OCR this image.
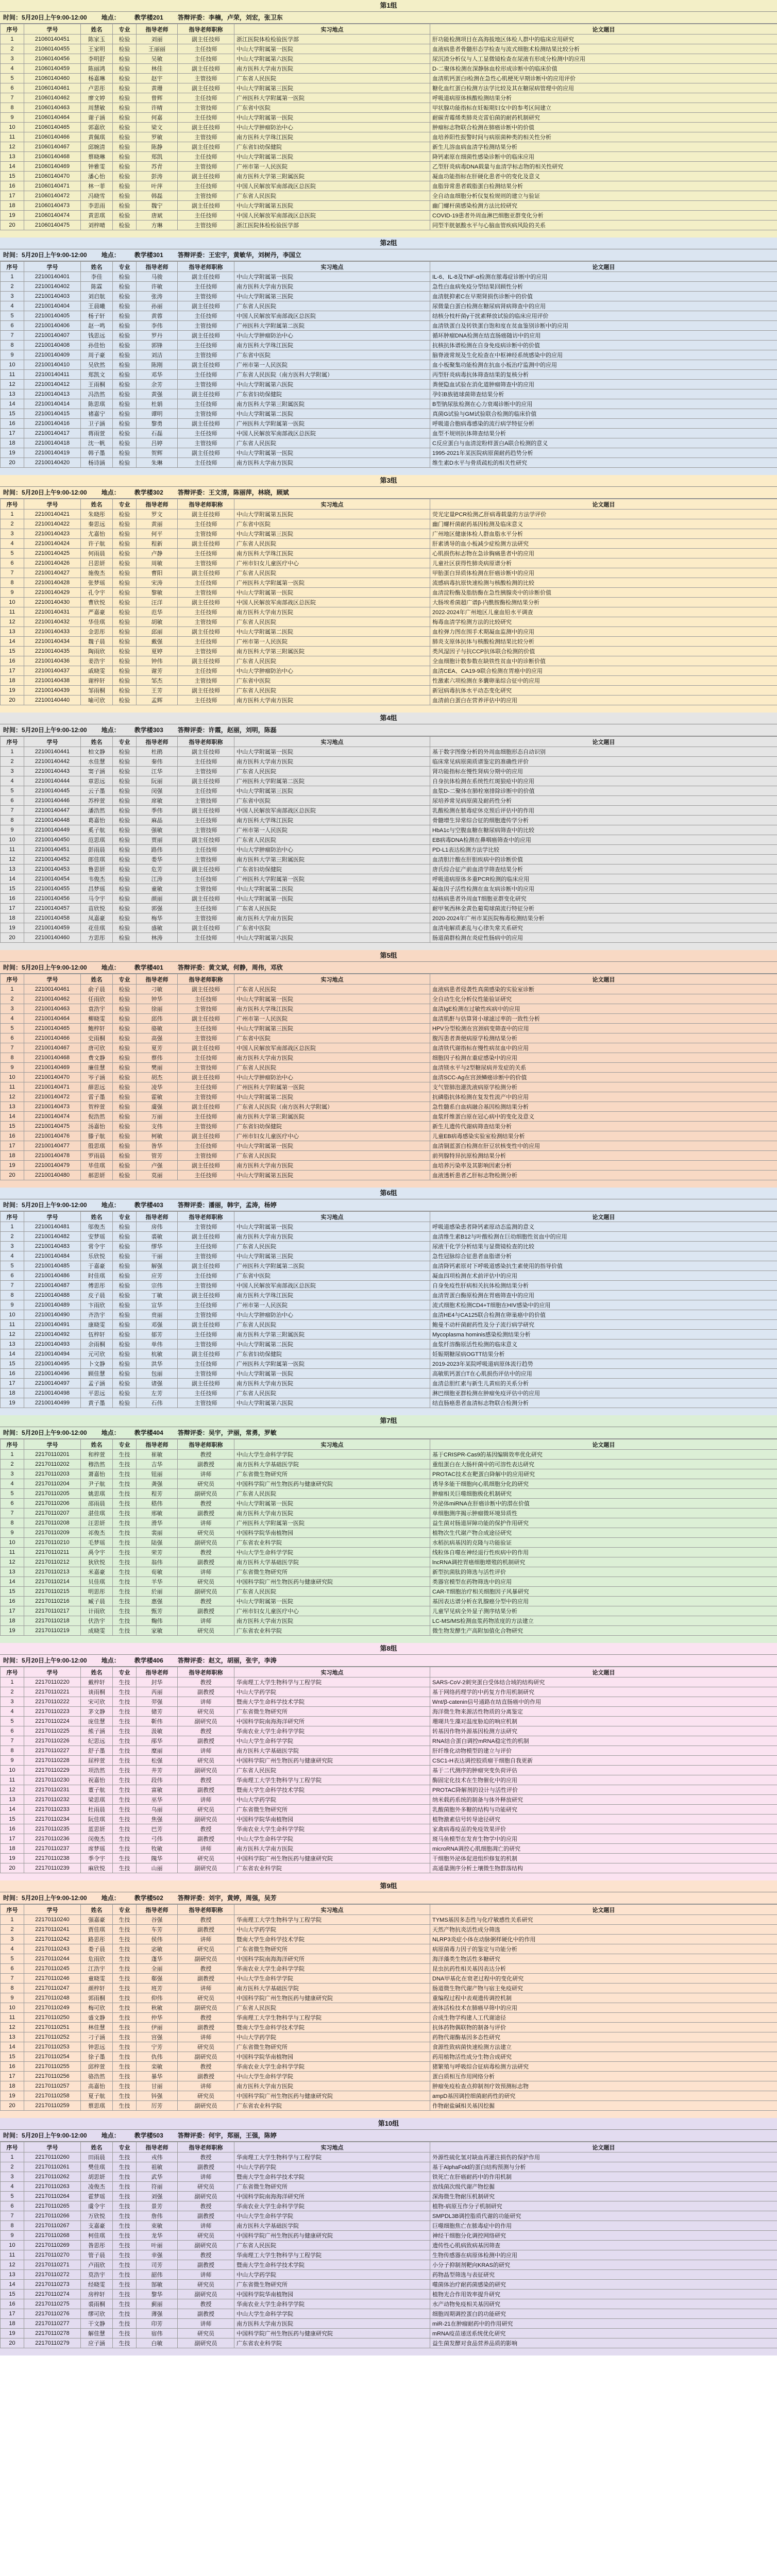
第1组
时间：5月20日上午9:00-12:00 地点： 教学楼201 答辩评委：李楠，卢荣，刘宏，张卫东
序号	学号	姓名	专业	指导老师	指导老师职称	实习地点	论文题目
1	21060140451	陈家玉	检验	刘丽	副主任技师	浙江医院体检检验医学部	肝功能检测项目在高海拔地区体检人群中的临床应用研究
2	21060140455	王家明	检验	王丽丽	主任技师	中山大学附属第一医院	血液病患者骨髓形态学检查与流式细胞术检测结果比较分析
3	21060140456	李明舒	检验	吴敏	主任技师	中山大学附属第六医院	尿沉渣分析仪与人工显微镜检查在尿液有形成分检测中的应用
4	21060140459	陈丽鸿	检验	林佳	副主任技师	南方医科大学南方医院	D-二聚体检测在深静脉血栓形成诊断中的临床价值
5	21060140460	杨嘉琳	检验	赵宇	主管技师	广东省人民医院	血清肌钙蛋白I检测在急性心肌梗死早期诊断中的应用评价
6	21060140461	卢思彤	检验	黄珊	副主任技师	中山大学附属第三医院	糖化血红蛋白检测方法学比较及其在糖尿病管理中的应用
7	21060140462	廖文婷	检验	曾辉	主任技师	广州医科大学附属第一医院	呼吸道病原体核酸检测结果分析
8	21060140463	周慧敏	检验	许晴	主管技师	广东省中医院	甲状腺功能指标在妊娠期妇女中的参考区间建立
9	21060140464	谢子涵	检验	何嘉	主任技师	中山大学附属第一医院	耐碳青霉烯类肺炎克雷伯菌的耐药机制研究
10	21060140465	郭嘉欣	检验	梁文	副主任技师	中山大学肿瘤防治中心	肿瘤标志物联合检测在肺癌诊断中的价值
11	21060140466	黄佩琪	检验	罗敏	主管技师	南方医科大学珠江医院	血培养阳性报警时间与病原菌种类的相关性分析
12	21060140467	邱婉清	检验	陈静	副主任技师	广东省妇幼保健院	新生儿溶血病血清学检测结果分析
13	21060140468	蔡晓琳	检验	郑凯	主任技师	中山大学附属第二医院	降钙素原在细菌性感染诊断中的临床应用
14	21060140469	钟雅雯	检验	苏青	主管技师	广州市第一人民医院	乙型肝炎病毒DNA载量与血清学标志物的相关性研究
15	21060140470	潘心怡	检验	彭涛	副主任技师	南方医科大学第三附属医院	凝血功能指标在肝硬化患者中的变化及意义
16	21060140471	林一菲	检验	叶萍	主任技师	中国人民解放军南部战区总医院	血脂异常患者载脂蛋白检测结果分析
17	21060140472	冯晓雪	检验	韩磊	主管技师	广东省人民医院	全自动血细胞分析仪复检规则的建立与验证
18	21060140473	李思雨	检验	魏宁	副主任技师	中山大学附属第五医院	幽门螺杆菌感染检测方法比较研究
19	21060140474	黄思琪	检验	唐斌	主任技师	中国人民解放军南部战区总医院	COVID-19患者外周血淋巴细胞亚群变化分析
20	21060140475	刘梓晴	检验	方琳	主管技师	浙江医院体检检验医学部	同型半胱氨酸水平与心脑血管疾病风险的关系
第2组
时间：5月20日上午9:00-12:00 地点： 教学楼301 答辩评委：王宏宇，黄敏华，刘树丹，李国立
序号	学号	姓名	专业	指导老师	指导老师职称	实习地点	论文题目
1	22100140401	李佳	检验	马骏	副主任技师	中山大学附属第一医院	IL-6、IL-8及TNF-α检测在脓毒症诊断中的应用
2	22100140402	陈霖	检验	许敏	主任技师	南方医科大学南方医院	急性白血病免疫分型结果回顾性分析
3	22100140403	刘启航	检验	张涛	主管技师	中山大学附属第三医院	血清胱抑素C在早期肾损伤诊断中的价值
4	22100140404	王晨曦	检验	孙丽	副主任技师	广东省人民医院	尿微量白蛋白检测在糖尿病肾病筛查中的应用
5	22100140405	杨子轩	检验	黄蓉	主任技师	中国人民解放军南部战区总医院	结核分枝杆菌γ干扰素释放试验的临床应用评价
6	22100140406	赵一鸣	检验	李伟	主管技师	广州医科大学附属第二医院	血清铁蛋白及转铁蛋白饱和度在贫血鉴别诊断中的应用
7	22100140407	钱思远	检验	罗丹	副主任技师	中山大学肿瘤防治中心	循环肿瘤DNA检测在结直肠癌随访中的应用
8	22100140408	孙佳怡	检验	郭锋	主任技师	南方医科大学珠江医院	抗核抗体谱检测在自身免疫病诊断中的价值
9	22100140409	周子豪	检验	刘洁	主管技师	广东省中医院	脑脊液常规及生化检查在中枢神经系统感染中的应用
10	22100140410	吴欣然	检验	陈刚	副主任技师	广州市第一人民医院	血小板聚集功能检测在抗血小板治疗监测中的应用
11	22100140411	郑凯文	检验	邓华	主任技师	广东省人民医院（南方医科大学附属）	丙型肝炎病毒抗体筛查结果的复核分析
12	22100140412	王雨桐	检验	余芳	主管技师	中山大学附属第六医院	粪便隐血试验在消化道肿瘤筛查中的应用
13	22100140413	冯浩然	检验	黄强	副主任技师	广东省妇幼保健院	孕妇B族链球菌筛查结果分析
14	22100140414	陈思琪	检验	杜娟	主任技师	南方医科大学第三附属医院	B型钠尿肽检测在心力衰竭诊断中的应用
15	22100140415	褚嘉宁	检验	谭明	主管技师	中山大学附属第二医院	真菌G试验与GM试验联合检测的临床价值
16	22100140416	卫子涵	检验	黎勇	副主任技师	广州医科大学附属第一医院	呼吸道合胞病毒感染的流行病学特征分析
17	22100140417	蒋雨萱	检验	石磊	主任技师	中国人民解放军南部战区总医院	血型不规则抗体筛查结果分析
18	22100140418	沈一帆	检验	吕婷	主管技师	广东省人民医院	C反应蛋白与血清淀粉样蛋白A联合检测的意义
19	22100140419	韩子墨	检验	贺辉	副主任技师	中山大学附属第一医院	1995-2021年某医院病原菌耐药趋势分析
20	22100140420	杨诗涵	检验	朱琳	主任技师	南方医科大学南方医院	维生素D水平与骨质疏松的相关性研究
第3组
时间：5月20日上午9:00-12:00 地点： 教学楼302 答辩评委：王文清，陈丽萍，林晓，顾斌
序号	学号	姓名	专业	指导老师	指导老师职称	实习地点	论文题目
1	22100140421	朱晓彤	检验	罗文	副主任技师	中山大学附属第五医院	荧光定量PCR检测乙肝病毒载量的方法学评价
2	22100140422	秦思远	检验	黄丽	主任技师	广东省中医院	幽门螺杆菌耐药基因检测及临床意义
3	22100140423	尤嘉怡	检验	何平	主管技师	中山大学附属第三医院	广州地区健康体检人群血脂水平分析
4	22100140424	许子航	检验	程新	副主任技师	广东省人民医院	肝素诱导的血小板减少症检测方法研究
5	22100140425	何雨晨	检验	卢静	主任技师	南方医科大学珠江医院	心肌损伤标志物在急诊胸痛患者中的应用
6	22100140426	吕思妍	检验	周敏	主管技师	广州市妇女儿童医疗中心	儿童社区获得性肺炎病原谱分析
7	22100140427	施俊杰	检验	曹阳	副主任技师	广东省人民医院	甲胎蛋白异质体检测在肝癌诊断中的应用
8	22100140428	张梦瑶	检验	宋涛	主任技师	广州医科大学附属第一医院	流感病毒抗原快速检测与核酸检测的比较
9	22100140429	孔令宇	检验	黎敏	主管技师	中山大学附属第一医院	血清淀粉酶及脂肪酶在急性胰腺炎中的诊断价值
10	22100140430	曹欣悦	检验	汪洋	副主任技师	中国人民解放军南部战区总医院	大肠埃希菌超广谱β-内酰胺酶检测结果分析
11	22100140431	严嘉豪	检验	范华	主任技师	南方医科大学南方医院	2022-2024年广州地区儿童血铅水平调查
12	22100140432	华佳琪	检验	胡敏	主管技师	广东省人民医院	梅毒血清学检测方法的比较研究
13	22100140433	金思彤	检验	邱丽	副主任技师	中山大学附属第二医院	血栓弹力图在围手术期凝血监测中的应用
14	22100140434	魏子晨	检验	戴强	主任技师	广州市第一人民医院	肺炎支原体抗体与核酸检测结果比较分析
15	22100140435	陶雨欣	检验	夏婷	主管技师	南方医科大学第三附属医院	类风湿因子与抗CCP抗体联合检测的价值
16	22100140436	姜浩宇	检验	钟伟	副主任技师	广东省人民医院	全血细胞计数参数在缺铁性贫血中的诊断价值
17	22100140437	戚晓雯	检验	谢芳	主任技师	中山大学肿瘤防治中心	血清CEA、CA19-9联合检测在胃癌中的应用
18	22100140438	谢梓轩	检验	邹杰	主管技师	广东省中医院	性激素六项检测在多囊卵巢综合征中的应用
19	22100140439	邹雨桐	检验	王芳	副主任技师	广东省人民医院	新冠病毒抗体水平动态变化研究
20	22100140440	喻可欣	检验	孟辉	主任技师	南方医科大学南方医院	血清前白蛋白在营养评估中的应用
第4组
时间：5月20日上午9:00-12:00 地点： 教学楼303 答辩评委：许霞，赵丽，刘明，陈磊
序号	学号	姓名	专业	指导老师	指导老师职称	实习地点	论文题目
1	22100140441	柏文静	检验	杜鹃	副主任技师	中山大学附属第一医院	基于数字图像分析的外周血细胞形态自动识别
2	22100140442	水佳慧	检验	秦伟	主任技师	南方医科大学南方医院	临床常见病原菌质谱鉴定的准确性评价
3	22100140443	窦子涵	检验	江华	主管技师	广东省人民医院	肾功能指标在慢性肾病分期中的应用
4	22100140444	章思远	检验	阮丽	副主任技师	广州医科大学附属第二医院	自身抗体检测在系统性红斑狼疮中的应用
5	22100140445	云子墨	检验	闵强	主任技师	中山大学附属第三医院	血浆D-二聚体在肺栓塞排除诊断中的价值
6	22100140446	苏梓萱	检验	席敏	主管技师	广东省中医院	尿培养常见病原菌及耐药性分析
7	22100140447	潘浩然	检验	季伟	副主任技师	中国人民解放军南部战区总医院	乳酸检测在脓毒症休克预后评估中的作用
8	22100140448	葛嘉怡	检验	麻晶	主任技师	南方医科大学珠江医院	骨髓增生异常综合征的细胞遗传学分析
9	22100140449	奚子航	检验	强敏	主管技师	广州市第一人民医院	HbA1c与空腹血糖在糖尿病筛查中的比较
10	22100140450	范思琪	检验	贾丽	副主任技师	广东省人民医院	EB病毒DNA检测在鼻咽癌筛查中的应用
11	22100140451	彭雨晨	检验	路伟	主任技师	中山大学肿瘤防治中心	PD-L1表达检测方法学比较
12	22100140452	郎佳琪	检验	娄华	主管技师	南方医科大学第三附属医院	血清胆汁酸在肝胆疾病中的诊断价值
13	22100140453	鲁思妍	检验	危芳	副主任技师	广东省妇幼保健院	唐氏综合征产前血清学筛查结果分析
14	22100140454	韦俊杰	检验	江涛	主任技师	广州医科大学附属第一医院	呼吸道病原体多重PCR检测的临床应用
15	22100140455	昌梦瑶	检验	童敏	主管技师	中山大学附属第二医院	凝血因子活性检测在血友病诊断中的应用
16	22100140456	马令宇	检验	颜丽	副主任技师	中山大学附属第一医院	结核病患者外周血T细胞亚群变化研究
17	22100140457	苗欣悦	检验	郭强	主任技师	广东省人民医院	耐甲氧西林金黄色葡萄球菌流行特征分析
18	22100140458	凤嘉豪	检验	梅华	主管技师	南方医科大学南方医院	2020-2024年广州市某医院梅毒检测结果分析
19	22100140459	花佳琪	检验	盛敏	副主任技师	广东省中医院	血清电解质紊乱与心律失常关系研究
20	22100140460	方思彤	检验	林涛	主任技师	中山大学附属第六医院	肠道菌群检测在炎症性肠病中的应用
第5组
时间：5月20日上午9:00-12:00 地点： 教学楼401 答辩评委：黄文斌，何静，周伟，邓欣
序号	学号	姓名	专业	指导老师	指导老师职称	实习地点	论文题目
1	22100140461	俞子晨	检验	刁敏	副主任技师	广东省人民医院	血液病患者侵袭性真菌感染的实验室诊断
2	22100140462	任雨欣	检验	钟华	主任技师	中山大学附属第一医院	全自动生化分析仪性能验证研究
3	22100140463	袁浩宇	检验	徐丽	主管技师	南方医科大学珠江医院	血清IgE检测在过敏性疾病中的应用
4	22100140464	柳晓雯	检验	邱伟	副主任技师	广州市第一人民医院	血清肌酐与估算肾小球滤过率的一致性分析
5	22100140465	鲍梓轩	检验	骆敏	主任技师	中山大学附属第三医院	HPV分型检测在宫颈病变筛查中的应用
6	22100140466	史雨桐	检验	高强	主管技师	广东省中医院	腹泻患者粪便病原学检测结果分析
7	22100140467	唐可欣	检验	夏芳	副主任技师	中国人民解放军南部战区总医院	血清铁代谢指标在慢性病贫血中的应用
8	22100140468	费文静	检验	蔡伟	主任技师	南方医科大学南方医院	细胞因子检测在重症感染中的应用
9	22100140469	廉佳慧	检验	樊丽	主管技师	广东省人民医院	血清镁水平与2型糖尿病并发症的关系
10	22100140470	岑子涵	检验	胡杰	副主任技师	中山大学肿瘤防治中心	血清SCC-Ag在宫颈鳞癌诊断中的价值
11	22100140471	薛思远	检验	凌华	主任技师	广州医科大学附属第一医院	支气管肺泡灌洗液病原学检测分析
12	22100140472	雷子墨	检验	霍敏	主管技师	中山大学附属第二医院	抗磷脂抗体检测在复发性流产中的应用
13	22100140473	贺梓萱	检验	虞强	副主任技师	广东省人民医院（南方医科大学附属）	急性髓系白血病融合基因检测结果分析
14	22100140474	倪浩然	检验	万丽	主任技师	南方医科大学第三附属医院	血浆纤维蛋白原在冠心病中的变化及意义
15	22100140475	汤嘉怡	检验	支伟	主管技师	广东省妇幼保健院	新生儿遗传代谢病筛查结果分析
16	22100140476	滕子航	检验	柯敏	副主任技师	广州市妇女儿童医疗中心	儿童EB病毒感染实验室检测结果分析
17	22100140477	殷思琪	检验	昝华	主任技师	中山大学附属第一医院	血清铜蓝蛋白检测在肝豆状核变性中的应用
18	22100140478	罗雨晨	检验	管芳	主管技师	广东省人民医院	前列腺特异抗原检测结果分析
19	22100140479	毕佳琪	检验	卢强	副主任技师	南方医科大学南方医院	血培养污染率及其影响因素分析
20	22100140480	郝思妍	检验	莫丽	主任技师	中山大学附属第五医院	血液透析患者乙肝标志物检测分析
第6组
时间：5月20日上午9:00-12:00 地点： 教学楼403 答辩评委：潘丽，韩宇，孟涛，杨婷
序号	学号	姓名	专业	指导老师	指导老师职称	实习地点	论文题目
1	22100140481	邬俊杰	检验	房伟	主管技师	中山大学附属第一医院	呼吸道感染患者降钙素原动态监测的意义
2	22100140482	安梦瑶	检验	裘敏	副主任技师	南方医科大学南方医院	血清维生素B12与叶酸检测在巨幼细胞性贫血中的应用
3	22100140483	常令宇	检验	缪华	主任技师	广东省人民医院	尿液干化学分析结果与显微镜检查的比较
4	22100140484	乐欣悦	检验	干丽	主管技师	中山大学附属第三医院	急性冠脉综合征患者血脂谱分析
5	22100140485	于嘉豪	检验	解强	副主任技师	广州医科大学附属第二医院	血清降钙素原对下呼吸道感染抗生素使用的指导价值
6	22100140486	时佳琪	检验	应芳	主任技师	广东省中医院	凝血四项检测在术前评估中的应用
7	22100140487	傅思彤	检验	宗伟	主管技师	中国人民解放军南部战区总医院	自身免疫性肝病相关抗体检测结果分析
8	22100140488	皮子晨	检验	丁敏	副主任技师	南方医科大学珠江医院	血清胃蛋白酶原检测在胃癌筛查中的应用
9	22100140489	卞雨欣	检验	宣华	主任技师	广州市第一人民医院	流式细胞术检测CD4+T细胞在HIV感染中的应用
10	22100140490	齐浩宇	检验	贲丽	主管技师	中山大学肿瘤防治中心	血清HE4与CA125联合检测在卵巢癌中的价值
11	22100140491	康晓雯	检验	邓强	副主任技师	广东省人民医院	鲍曼不动杆菌耐药性及分子流行病学研究
12	22100140492	伍梓轩	检验	郁芳	主任技师	南方医科大学第三附属医院	Mycoplasma hominis感染检测结果分析
13	22100140493	余雨桐	检验	单伟	主管技师	中山大学附属第二医院	血浆纤溶酶原活性检测的临床意义
14	22100140494	元可欣	检验	杭敏	副主任技师	广东省妇幼保健院	妊娠期糖尿病OGTT结果分析
15	22100140495	卜文静	检验	洪华	主任技师	广州医科大学附属第一医院	2019-2023年某院呼吸道病原体流行趋势
16	22100140496	顾佳慧	检验	包丽	主管技师	中山大学附属第一医院	高敏肌钙蛋白T在心肌损伤评估中的应用
17	22100140497	孟子涵	检验	诸强	副主任技师	南方医科大学南方医院	血清总胆红素与新生儿黄疸的关系分析
18	22100140498	平思远	检验	左芳	主任技师	广东省人民医院	淋巴细胞亚群检测在肿瘤免疫评估中的应用
19	22100140499	黄子墨	检验	石伟	主管技师	中山大学附属第六医院	结直肠癌患者血清标志物联合检测分析
第7组
时间：5月20日上午9:00-12:00 地点： 教学楼404 答辩评委：吴宇，尹丽，常勇，罗敏
序号	学号	姓名	专业	指导老师	指导老师职称	实习地点	论文题目
1	22170110201	和梓萱	生技	崔敏	教授	中山大学生命科学学院	基于CRISPR-Cas9的基因编辑效率优化研究
2	22170110202	穆浩然	生技	吉华	副教授	南方医科大学基础医学院	重组蛋白在大肠杆菌中的可溶性表达研究
3	22170110203	萧嘉怡	生技	钮丽	讲师	广东省微生物研究所	PROTAC技术在靶蛋白降解中的应用研究
4	22170110204	尹子航	生技	龚强	研究员	中国科学院广州生物医药与健康研究院	诱导多能干细胞向心肌细胞分化的研究
5	22170110205	姚思琪	生技	程芳	副研究员	广东省人民医院	肿瘤相关巨噬细胞极化机制研究
6	22170110206	邵雨晨	生技	嵇伟	教授	中山大学附属第一医院	外泌体miRNA在肝癌诊断中的潜在价值
7	22170110207	湛佳琪	生技	邢敏	副教授	南方医科大学南方医院	单细胞测序揭示肿瘤微环境异质性
8	22170110208	汪思妍	生技	滑华	讲师	广州医科大学附属第一医院	益生菌对肠道屏障功能的保护作用研究
9	22170110209	祁俊杰	生技	裴丽	研究员	中国科学院华南植物园	植物次生代谢产物合成途径研究
10	22170110210	毛梦瑶	生技	陆强	副研究员	广东省农业科学院	水稻抗病基因的克隆与功能验证
11	22170110211	禹令宇	生技	荣芳	教授	中山大学生命科学学院	线粒体自噬在神经退行性疾病中的作用
12	22170110212	狄欣悦	生技	翁伟	副教授	南方医科大学基础医学院	lncRNA调控胃癌细胞增殖的机制研究
13	22170110213	米嘉豪	生技	荀敏	讲师	广东省微生物研究所	新型抗菌肽的筛选与活性评价
14	22170110214	贝佳琪	生技	羊华	研究员	中国科学院广州生物医药与健康研究院	类器官模型在药物筛选中的应用
15	22170110215	明思彤	生技	於丽	副研究员	广东省人民医院	CAR-T细胞治疗相关细胞因子风暴研究
16	22170110216	臧子晨	生技	惠强	教授	中山大学附属第一医院	基因表达谱分析在乳腺癌分型中的应用
17	22170110217	计雨欣	生技	甄芳	副教授	广州市妇女儿童医疗中心	儿童罕见病全外显子测序结果分析
18	22170110218	伏浩宇	生技	麴伟	讲师	南方医科大学南方医院	LC-MS/MS检测血浆药物浓度的方法建立
19	22170110219	成晓雯	生技	家敏	研究员	广东省农业科学院	微生物发酵生产高附加值化合物研究
第8组
时间：5月20日上午9:00-12:00 地点： 教学楼406 答辩评委：赵文，胡丽，张宇，李涛
序号	学号	姓名	专业	指导老师	指导老师职称	实习地点	论文题目
1	22170110220	戴梓轩	生技	封华	教授	华南理工大学生物科学与工程学院	SARS-CoV-2刺突蛋白受体结合域的结构研究
2	22170110221	谈雨桐	生技	芮丽	副教授	中山大学药学院	基于网络药理学的中药复方作用机制研究
3	22170110222	宋可欣	生技	羿强	讲师	暨南大学生命科学技术学院	Wnt/β-catenin信号通路在结直肠癌中的作用
4	22170110223	茅文静	生技	储芳	研究员	广东省微生物研究所	海洋微生物来源活性物质的分离鉴定
5	22170110224	庞佳慧	生技	靳伟	副研究员	中国科学院南海海洋研究所	珊瑚共生藻对温度胁迫的响应机制
6	22170110225	熊子涵	生技	汲敏	教授	华南农业大学生命科学学院	转基因作物外源基因检测方法研究
7	22170110226	纪思远	生技	邴华	副教授	中山大学生命科学学院	RNA结合蛋白调控mRNA稳定性的机制
8	22170110227	舒子墨	生技	糜丽	讲师	南方医科大学基础医学院	肝纤维化动物模型的建立与评价
9	22170110228	屈梓萱	生技	松强	研究员	中国科学院广州生物医药与健康研究院	CSC1-H表达调控胶质瘤干细胞自我更新
10	22170110229	项浩然	生技	井芳	副研究员	广东省人民医院	基于二代测序的肿瘤突变负荷评估
11	22170110230	祝嘉怡	生技	段伟	教授	华南理工大学生物科学与工程学院	酶固定化技术在生物催化中的应用
12	22170110231	董子航	生技	富敏	副教授	暨南大学生命科学技术学院	PROTAC降解剂的设计与活性评价
13	22170110232	梁思琪	生技	巫华	讲师	中山大学药学院	纳米载药系统的制备与体外释放研究
14	22170110233	杜雨晨	生技	乌丽	研究员	广东省微生物研究所	乳酸菌胞外多糖的结构与功能研究
15	22170110234	阮佳琪	生技	焦强	副研究员	中国科学院华南植物园	植物激素信号转导途径研究
16	22170110235	蓝思妍	生技	巴芳	教授	华南农业大学生命科学学院	家禽病毒疫苗的免疫效果评价
17	22170110236	闵俊杰	生技	弓伟	副教授	中山大学生命科学学院	斑马鱼模型在发育生物学中的应用
18	22170110237	席梦瑶	生技	牧敏	讲师	南方医科大学南方医院	microRNA调控心肌细胞凋亡的研究
19	22170110238	季令宇	生技	隗华	研究员	中国科学院广州生物医药与健康研究院	干细胞外泌体促进组织修复的机制
20	22170110239	麻欣悦	生技	山丽	副研究员	广东省农业科学院	高通量测序分析土壤微生物群落结构
第9组
时间：5月20日上午9:00-12:00 地点： 教学楼502 答辩评委：刘宇，黄婷，周强，吴芳
序号	学号	姓名	专业	指导老师	指导老师职称	实习地点	论文题目
1	22170110240	强嘉豪	生技	谷强	教授	华南理工大学生物科学与工程学院	TYMS基因多态性与化疗敏感性关系研究
2	22170110241	贾佳琪	生技	车芳	副教授	中山大学药学院	天然产物抗炎活性成分筛选
3	22170110242	路思彤	生技	侯伟	讲师	暨南大学生命科学技术学院	NLRP3炎症小体在动脉粥样硬化中的作用
4	22170110243	娄子晨	生技	宓敏	研究员	广东省微生物研究所	病原菌毒力因子的鉴定与功能分析
5	22170110244	危雨欣	生技	蓬华	副研究员	中国科学院南海海洋研究所	海洋藻类生物活性多糖研究
6	22170110245	江浩宇	生技	全丽	教授	华南农业大学生命科学学院	昆虫抗药性相关基因表达分析
7	22170110246	童晓雯	生技	郗强	副教授	中山大学生命科学学院	DNA甲基化在衰老过程中的变化研究
8	22170110247	颜梓轩	生技	班芳	讲师	南方医科大学基础医学院	肠道微生物代谢产物与宿主免疫研究
9	22170110248	郭雨桐	生技	仰伟	研究员	中国科学院广州生物医药与健康研究院	重编程过程中表观遗传调控机制
10	22170110249	梅可欣	生技	秋敏	副研究员	广东省人民医院	液体活检技术在肺癌早筛中的应用
11	22170110250	盛文静	生技	仲华	教授	华南理工大学生物科学与工程学院	合成生物学构建人工代谢途径
12	22170110251	林佳慧	生技	伊丽	副教授	暨南大学生命科学技术学院	抗体药物偶联物的制备与评价
13	22170110252	刁子涵	生技	宫强	讲师	中山大学药学院	药物代谢酶基因多态性研究
14	22170110253	钟思远	生技	宁芳	研究员	广东省微生物研究所	食源性致病菌快速检测方法建立
15	22170110254	徐子墨	生技	仇伟	副研究员	中国科学院华南植物园	药用植物活性成分生物合成研究
16	22170110255	邱梓萱	生技	栾敏	教授	华南农业大学生命科学学院	猪繁殖与呼吸综合征病毒检测方法研究
17	22170110256	骆浩然	生技	暴华	副教授	中山大学生命科学学院	蛋白质相互作用网络分析
18	22170110257	高嘉怡	生技	甘丽	讲师	南方医科大学南方医院	肿瘤免疫检查点抑制剂疗效预测标志物
19	22170110258	夏子航	生技	钭强	研究员	中国科学院广州生物医药与健康研究院	ampD基因调控细菌耐药性的研究
20	22170110259	蔡思琪	生技	厉芳	副研究员	广东省农业科学院	作物耐盐碱相关基因挖掘
第10组
时间：5月20日上午9:00-12:00 地点： 教学楼503 答辩评委：何宇，郑丽，王强，陈婷
序号	学号	姓名	专业	指导老师	指导老师职称	实习地点	论文题目
1	22170110260	田雨晨	生技	戎伟	教授	华南理工大学生物科学与工程学院	外源性硫化氢对缺血再灌注损伤的保护作用
2	22170110261	樊佳琪	生技	祖敏	副教授	中山大学药学院	基于AlphaFold的蛋白结构预测与分析
3	22170110262	胡思妍	生技	武华	讲师	暨南大学生命科学技术学院	铁死亡在肝癌耐药中的作用机制
4	22170110263	凌俊杰	生技	符丽	研究员	广东省微生物研究所	放线菌次级代谢产物挖掘
5	22170110264	霍梦瑶	生技	刘强	副研究员	中国科学院南海海洋研究所	深海微生物耐压机制研究
6	22170110265	虞令宇	生技	景芳	教授	华南农业大学生命科学学院	植物-病原互作分子机制研究
7	22170110266	万欣悦	生技	詹伟	副教授	中山大学生命科学学院	SMPDL3B调控脂质代谢的功能研究
8	22170110267	支嘉豪	生技	束敏	讲师	南方医科大学基础医学院	巨噬细胞焦亡在脓毒症中的作用
9	22170110268	柯佳琪	生技	龙华	研究员	中国科学院广州生物医药与健康研究院	神经干细胞分化调控网络研究
10	22170110269	昝思彤	生技	叶丽	副研究员	广东省人民医院	遗传性心肌病致病基因筛查
11	22170110270	管子晨	生技	幸强	教授	华南理工大学生物科学与工程学院	生物传感器在病原体检测中的应用
12	22170110271	卢雨欣	生技	司芳	副教授	暨南大学生命科学技术学院	小分子抑制剂靶向KRAS的研究
13	22170110272	莫浩宇	生技	韶伟	讲师	中山大学药学院	药物晶型筛选与表征研究
14	22170110273	经晓雯	生技	郜敏	研究员	广东省微生物研究所	噬菌体治疗耐药菌感染的研究
15	22170110274	房梓轩	生技	黎华	副研究员	中国科学院华南植物园	植物光合作用效率提升研究
16	22170110275	裘雨桐	生技	蓟丽	教授	华南农业大学生命科学学院	水产动物免疫相关基因研究
17	22170110276	缪可欣	生技	薄强	副教授	中山大学生命科学学院	细胞周期调控蛋白的功能研究
18	22170110277	干文静	生技	印芳	讲师	南方医科大学南方医院	miR-21在肿瘤耐药中的作用研究
19	22170110278	解佳慧	生技	宿伟	研究员	中国科学院广州生物医药与健康研究院	mRNA疫苗递送系统优化研究
20	22170110279	应子涵	生技	白敏	副研究员	广东省农业科学院	益生菌发酵对食品营养品质的影响
